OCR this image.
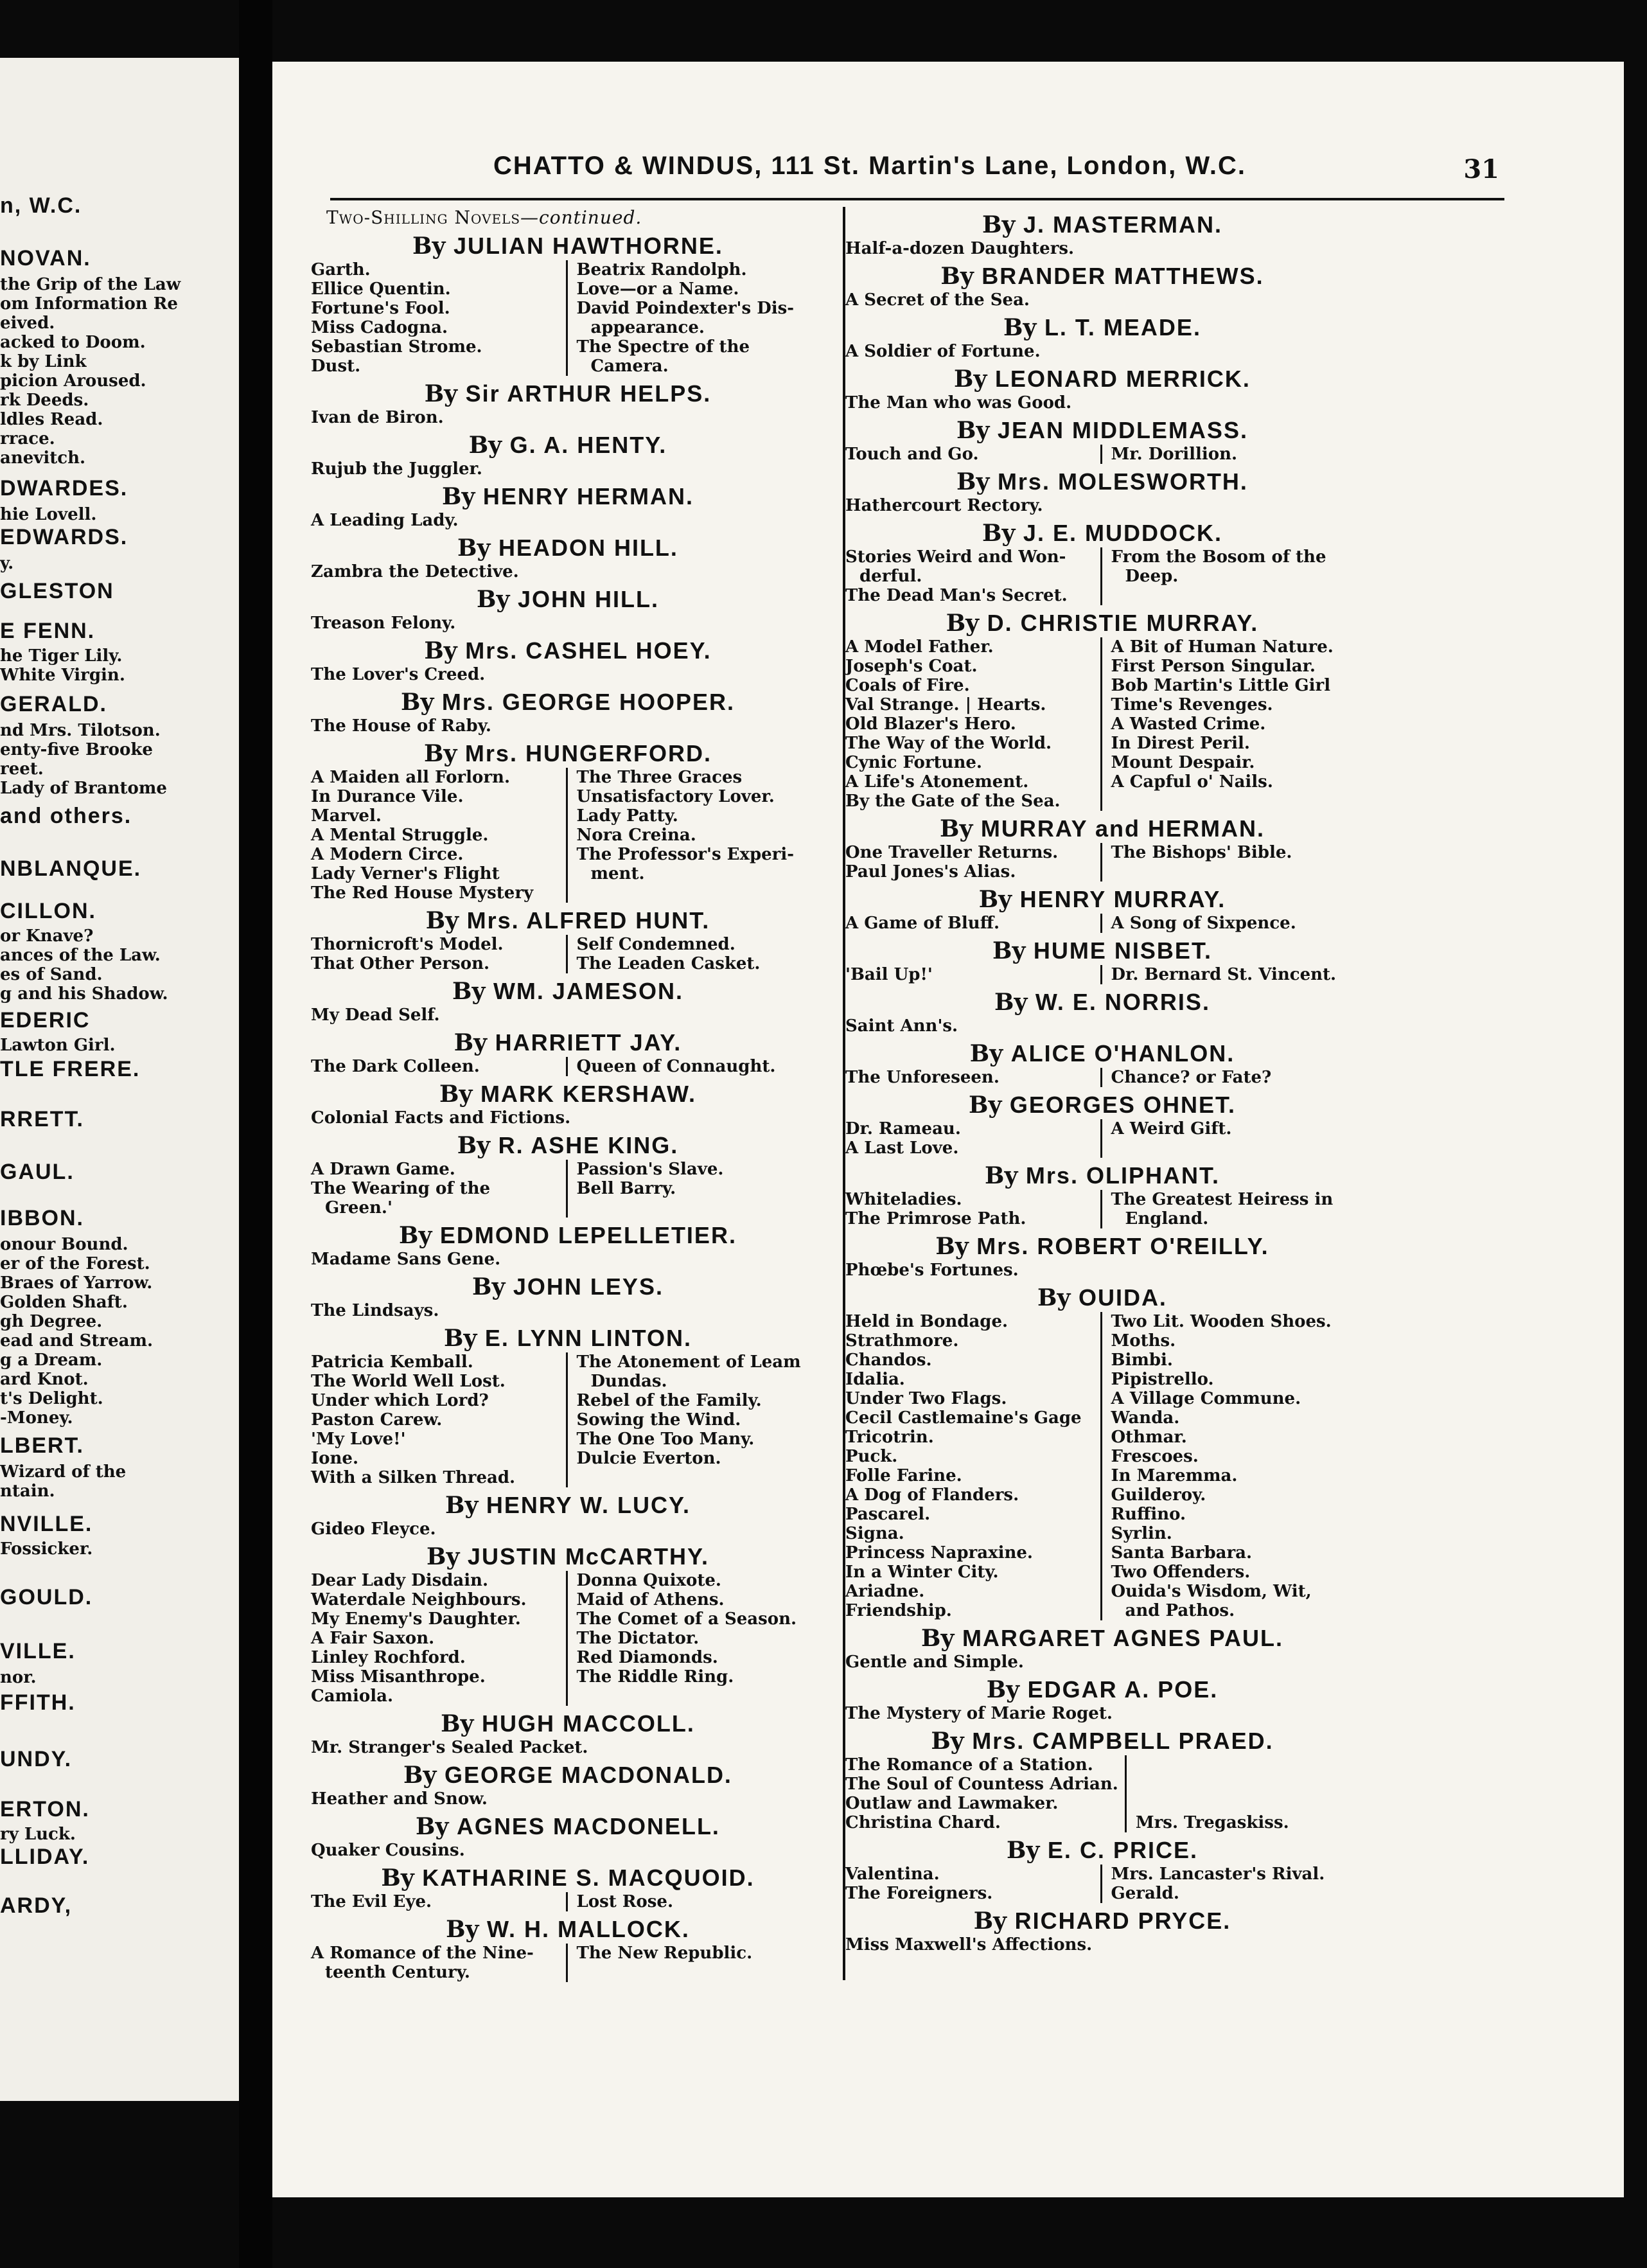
n, W.C.
NOVAN.
the Grip of the Law
om Information Re
eived.
acked to Doom.
k by Link
picion Aroused.
rk Deeds.
ldles Read.
rrace.
anevitch.
DWARDES.
hie Lovell.
EDWARDS.
y.
GLESTON
E FENN.
he Tiger Lily.
White Virgin.
GERALD.
nd Mrs. Tilotson.
enty-five Brooke
reet.
Lady of Brantome
and others.
NBLANQUE.
CILLON.
or Knave?
ances of the Law.
es of Sand.
g and his Shadow.
EDERIC
Lawton Girl.
TLE FRERE.
RRETT.
GAUL.
IBBON.
onour Bound.
er of the Forest.
Braes of Yarrow.
Golden Shaft.
gh Degree.
ead and Stream.
g a Dream.
ard Knot.
t's Delight.
-Money.
LBERT.
Wizard of the
ntain.
NVILLE.
Fossicker.
GOULD.
VILLE.
nor.
FFITH.
UNDY.
ERTON.
ry Luck.
LLIDAY.
ARDY,
CHATTO & WINDUS, 111 St. Martin's Lane, London, W.C.	31
Two-Shilling Novels—continued.
By JULIAN HAWTHORNE.
Garth.
Ellice Quentin.
Fortune's Fool.
Miss Cadogna.
Sebastian Strome.
Dust.
Beatrix Randolph.
Love—or a Name.
David Poindexter's Dis-
appearance.
The Spectre of the
Camera.
By Sir ARTHUR HELPS.
Ivan de Biron.
By G. A. HENTY.
Rujub the Juggler.
By HENRY HERMAN.
A Leading Lady.
By HEADON HILL.
Zambra the Detective.
By JOHN HILL.
Treason Felony.
By Mrs. CASHEL HOEY.
The Lover's Creed.
By Mrs. GEORGE HOOPER.
The House of Raby.
By Mrs. HUNGERFORD.
A Maiden all Forlorn.
In Durance Vile.
Marvel.
A Mental Struggle.
A Modern Circe.
Lady Verner's Flight
The Red House Mystery
The Three Graces
Unsatisfactory Lover.
Lady Patty.
Nora Creina.
The Professor's Experi-
ment.
By Mrs. ALFRED HUNT.
Thornicroft's Model.
That Other Person.
Self Condemned.
The Leaden Casket.
By WM. JAMESON.
My Dead Self.
By HARRIETT JAY.
The Dark Colleen.	Queen of Connaught.
By MARK KERSHAW.
Colonial Facts and Fictions.
By R. ASHE KING.
A Drawn Game.
The Wearing of the
Green.'
Passion's Slave.
Bell Barry.
By EDMOND LEPELLETIER.
Madame Sans Gene.
By JOHN LEYS.
The Lindsays.
By E. LYNN LINTON.
Patricia Kemball.
The World Well Lost.
Under which Lord?
Paston Carew.
'My Love!'
Ione.
With a Silken Thread.
The Atonement of Leam
Dundas.
Rebel of the Family.
Sowing the Wind.
The One Too Many.
Dulcie Everton.
By HENRY W. LUCY.
Gideo Fleyce.
By JUSTIN McCARTHY.
Dear Lady Disdain.
Waterdale Neighbours.
My Enemy's Daughter.
A Fair Saxon.
Linley Rochford.
Miss Misanthrope.
Camiola.
Donna Quixote.
Maid of Athens.
The Comet of a Season.
The Dictator.
Red Diamonds.
The Riddle Ring.
By HUGH MACCOLL.
Mr. Stranger's Sealed Packet.
By GEORGE MACDONALD.
Heather and Snow.
By AGNES MACDONELL.
Quaker Cousins.
By KATHARINE S. MACQUOID.
The Evil Eye.	Lost Rose.
By W. H. MALLOCK.
A Romance of the Nine-
teenth Century.
The New Republic.
By J. MASTERMAN.
Half-a-dozen Daughters.
By BRANDER MATTHEWS.
A Secret of the Sea.
By L. T. MEADE.
A Soldier of Fortune.
By LEONARD MERRICK.
The Man who was Good.
By JEAN MIDDLEMASS.
Touch and Go.	Mr. Dorillion.
By Mrs. MOLESWORTH.
Hathercourt Rectory.
By J. E. MUDDOCK.
Stories Weird and Won-
derful.
The Dead Man's Secret.
From the Bosom of the
Deep.
By D. CHRISTIE MURRAY.
A Model Father.
Joseph's Coat.
Coals of Fire.
Val Strange. | Hearts.
Old Blazer's Hero.
The Way of the World.
Cynic Fortune.
A Life's Atonement.
By the Gate of the Sea.
A Bit of Human Nature.
First Person Singular.
Bob Martin's Little Girl
Time's Revenges.
A Wasted Crime.
In Direst Peril.
Mount Despair.
A Capful o' Nails.
By MURRAY and HERMAN.
One Traveller Returns.
Paul Jones's Alias.
The Bishops' Bible.
By HENRY MURRAY.
A Game of Bluff.	A Song of Sixpence.
By HUME NISBET.
'Bail Up!'	Dr. Bernard St. Vincent.
By W. E. NORRIS.
Saint Ann's.
By ALICE O'HANLON.
The Unforeseen.	Chance? or Fate?
By GEORGES OHNET.
Dr. Rameau.
A Last Love.
A Weird Gift.
By Mrs. OLIPHANT.
Whiteladies.
The Primrose Path.
The Greatest Heiress in
England.
By Mrs. ROBERT O'REILLY.
Phœbe's Fortunes.
By OUIDA.
Held in Bondage.
Strathmore.
Chandos.
Idalia.
Under Two Flags.
Cecil Castlemaine's Gage
Tricotrin.
Puck.
Folle Farine.
A Dog of Flanders.
Pascarel.
Signa.
Princess Napraxine.
In a Winter City.
Ariadne.
Friendship.
Two Lit. Wooden Shoes.
Moths.
Bimbi.
Pipistrello.
A Village Commune.
Wanda.
Othmar.
Frescoes.
In Maremma.
Guilderoy.
Ruffino.
Syrlin.
Santa Barbara.
Two Offenders.
Ouida's Wisdom, Wit,
and Pathos.
By MARGARET AGNES PAUL.
Gentle and Simple.
By EDGAR A. POE.
The Mystery of Marie Roget.
By Mrs. CAMPBELL PRAED.
The Romance of a Station.
The Soul of Countess Adrian.
Outlaw and Lawmaker.
Christina Chard.

	Mrs. Tregaskiss.
By E. C. PRICE.
Valentina.
The Foreigners.
Mrs. Lancaster's Rival.
Gerald.
By RICHARD PRYCE.
Miss Maxwell's Affections.
